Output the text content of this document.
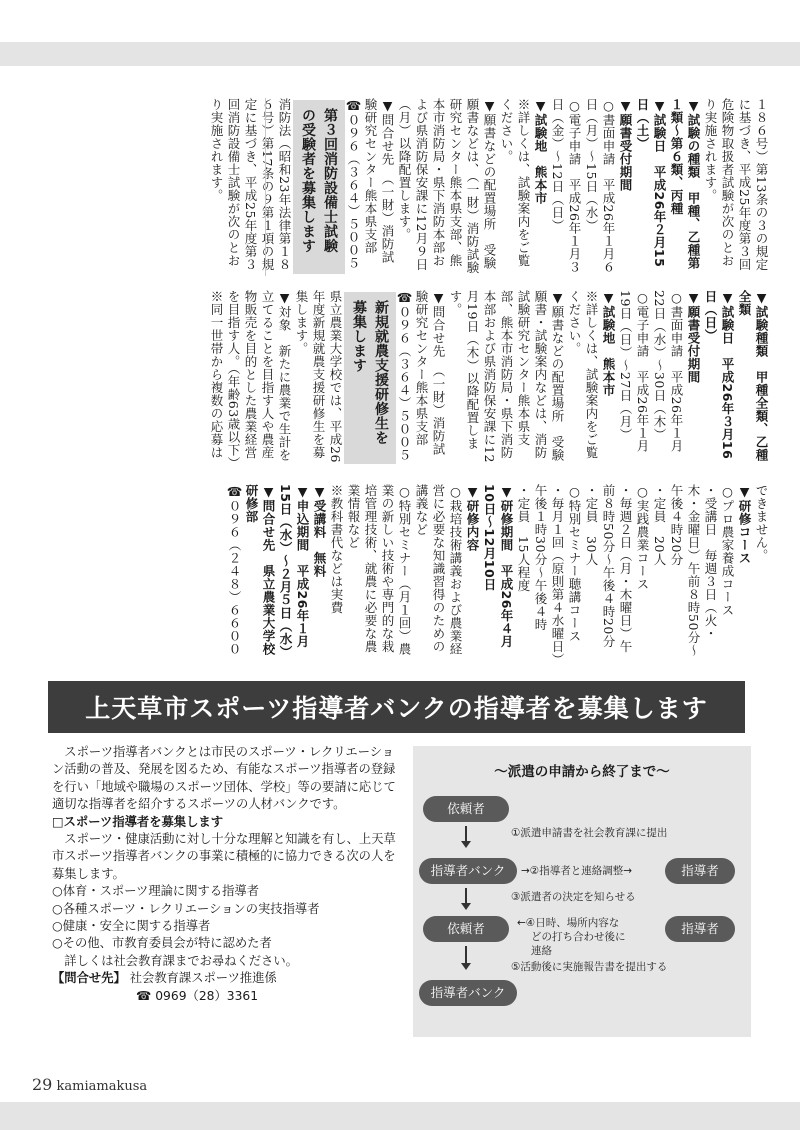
１８６号）第13条の３の規定に基づき、平成25年度第３回危険物取扱者試験が次のとおり実施されます。

▼試験の種類　甲種、乙種第１類～第６類、丙種

▼試験日　平成26年２月15日（土）

▼願書受付期間

○書面申請　平成26年１月６日（月）～15日（水）

○電子申請　平成26年１月３日（金）～12日（日）

▼試験地　熊本市

※詳しくは、試験案内をご覧ください。

▼願書などの配置場所　受験願書などは、（一財）消防試験研究センター熊本県支部、熊本市消防局・県下消防本部および県消防保安課に12月９日（月）以降配置します。

▼問合せ先　（一財）消防試験研究センター熊本県支部

☎０９６（３６４）５００５

第３回消防設備士試験の受験者を募集します

消防法（昭和23年法律第１８６号）第17条の９第１項の規定に基づき、平成25年度第３回消防設備士試験が次のとおり実施されます。

▼試験種類　甲種全類、乙種全類

▼試験日　平成26年３月16日（日）

▼願書受付期間

○書面申請　平成26年１月22日（水）～30日（木）

○電子申請　平成26年１月19日（日）～27日（月）

▼試験地　熊本市

※詳しくは、試験案内をご覧ください。

▼願書などの配置場所　受験願書・試験案内などは、消防試験研究センター熊本県支部、熊本市消防局・県下消防本部および県消防保安課に12月19日（木）以降配置します。

▼問合せ先　（一財）消防試験研究センター熊本県支部

☎０９６（３６４）５００５

新規就農支援研修生を募集します

県立農業大学校では、平成26年度新規就農支援研修生を募集します。

▼対象　新たに農業で生計を立てることを目指す人や農産物販売を目的とした農業経営を目指す人。（年齢63歳以下）

※同一世帯から複数の応募は

できません。

▼研修コース

○プロ農家養成コース

・受講日　毎週３日（火・木・金曜日）午前８時50分～午後４時20分

・定員　20人

○実践農業コース

・毎週２日（月・木曜日）午前８時50分～午後４時20分

・定員　30人

○特別セミナー聴講コース

・毎月１回（原則第４水曜日）午後１時30分～午後４時

・定員　15人程度

▼研修期間　平成26年４月10日～12月10日

▼研修内容

○栽培技術講義および農業経営に必要な知識習得のための講義など

○特別セミナー（月１回）農業の新しい技術や専門的な栽培管理技術、就農に必要な農業情報など

※教科書代などは実費

▼受講料　無料

▼申込期間　平成26年１月15日（水）～２月５日（水）

▼問合せ先　県立農業大学校研修部

☎０９６（２４８）６６００

上天草市スポーツ指導者バンクの指導者を募集します

スポーツ指導者バンクとは市民のスポーツ・レクリエーション活動の普及、発展を図るため、有能なスポーツ指導者の登録を行い「地域や職場のスポーツ団体、学校」等の要請に応じて適切な指導者を紹介するスポーツの人材バンクです。

□スポーツ指導者を募集します

スポーツ・健康活動に対し十分な理解と知識を有し、上天草市スポーツ指導者バンクの事業に積極的に協力できる次の人を募集します。

○体育・スポーツ理論に関する指導者

○各種スポーツ・レクリエーションの実技指導者

○健康・安全に関する指導者

○その他、市教育委員会が特に認めた者

詳しくは社会教育課までお尋ねください。

【問合せ先】 社会教育課スポーツ推進係

☎ 0969（28）3361

～派遣の申請から終了まで～
依頼者
①派遣申請書を社会教育課に提出
指導者バンク	→②指導者と連絡調整→	指導者
③派遣者の決定を知らせる
依頼者	←④日時、場所内容な
どの打ち合わせ後に
連絡
指導者
⑤活動後に実施報告書を提出する
指導者バンク
29 kamiamakusa
